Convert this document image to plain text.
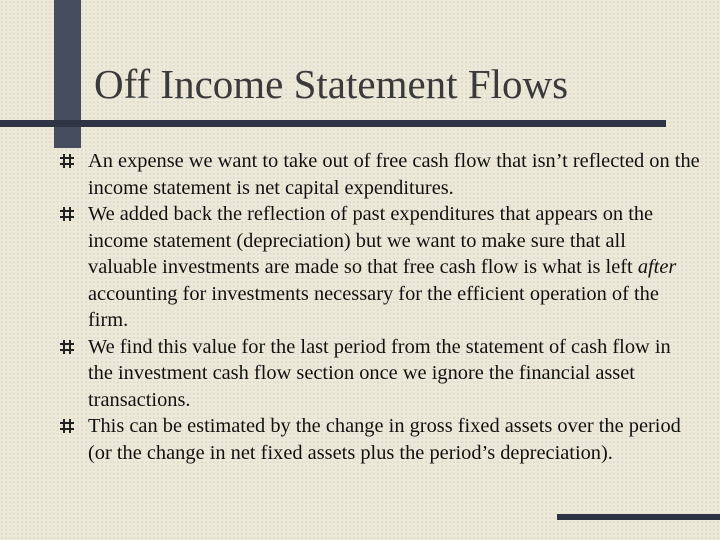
Off Income Statement Flows
An expense we want to take out of free cash flow that isn’t reflected on the income statement is net capital expenditures.
We added back the reflection of past expenditures that appears on the income statement (depreciation) but we want to make sure that all valuable investments are made so that free cash flow is what is left after accounting for investments necessary for the efficient operation of the firm.
We find this value for the last period from the statement of cash flow in the investment cash flow section once we ignore the financial asset transactions.
This can be estimated by the change in gross fixed assets over the period (or the change in net fixed assets plus the period’s depreciation).
